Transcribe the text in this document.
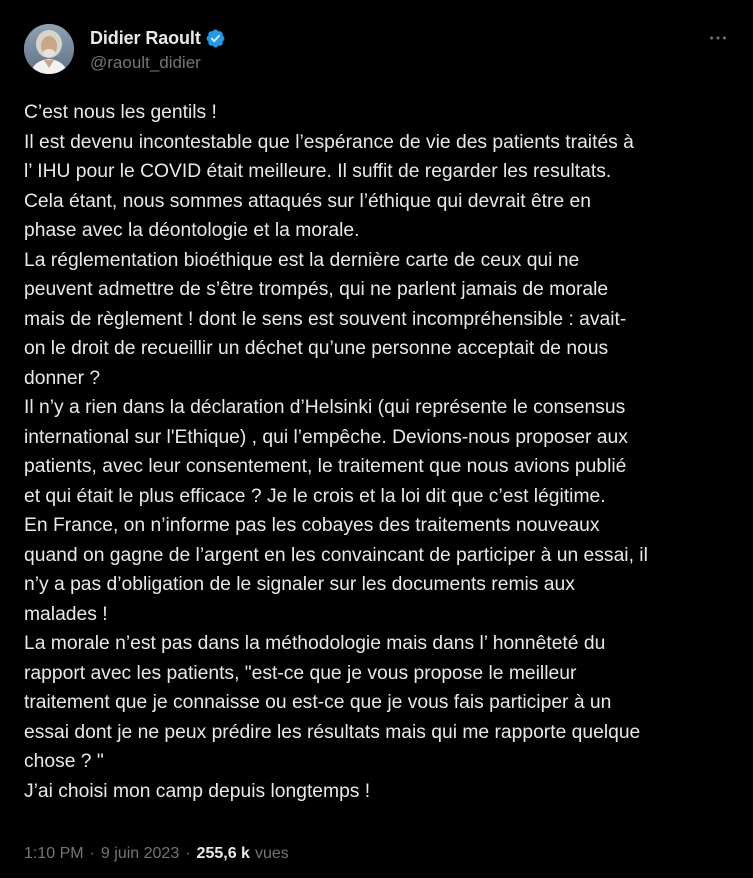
Didier Raoult
@raoult_didier

C’est nous les gentils !

Il est devenu incontestable que l’espérance de vie des patients traités à

l’ IHU pour le COVID était meilleure. Il suffit de regarder les resultats.

Cela étant, nous sommes attaqués sur l’éthique qui devrait être en

phase avec la déontologie et la morale.

La réglementation bioéthique est la dernière carte de ceux qui ne

peuvent admettre de s’être trompés, qui ne parlent jamais de morale

mais de règlement ! dont le sens est souvent incompréhensible : avait-

on le droit de recueillir un déchet qu’une personne acceptait de nous

donner ?

Il n’y a rien dans la déclaration d’Helsinki (qui représente le consensus

international sur l'Ethique) , qui l’empêche. Devions-nous proposer aux

patients, avec leur consentement, le traitement que nous avions publié

et qui était le plus efficace ? Je le crois et la loi dit que c’est légitime.

En France, on n’informe pas les cobayes des traitements nouveaux

quand on gagne de l’argent en les convaincant de participer à un essai, il

n’y a pas d’obligation de le signaler sur les documents remis aux

malades !

La morale n’est pas dans la méthodologie mais dans l’ honnêteté du

rapport avec les patients, "est-ce que je vous propose le meilleur

traitement que je connaisse ou est-ce que je vous fais participer à un

essai dont je ne peux prédire les résultats mais qui me rapporte quelque

chose ? "

J’ai choisi mon camp depuis longtemps !

1:10 PM · 9 juin 2023 · 255,6 k vues
